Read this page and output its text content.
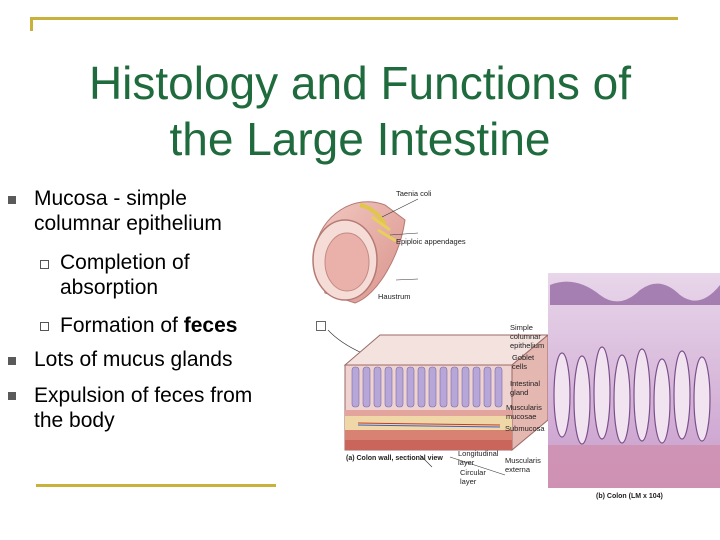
Histology and Functions of
the Large Intestine
Mucosa - simple
columnar epithelium
Completion of
absorption
Formation of feces
Lots of mucus glands
Expulsion of feces from
the body
Taenia coli
Epiploic appendages
Haustrum
Simple
columnar
epithelium
Goblet
cells
Intestinal
gland
Muscularis
mucosae
Submucosa
Longitudinal
layer
Circular
layer
Muscularis
externa
(a) Colon wall, sectional view
(b) Colon (LM x 104)
